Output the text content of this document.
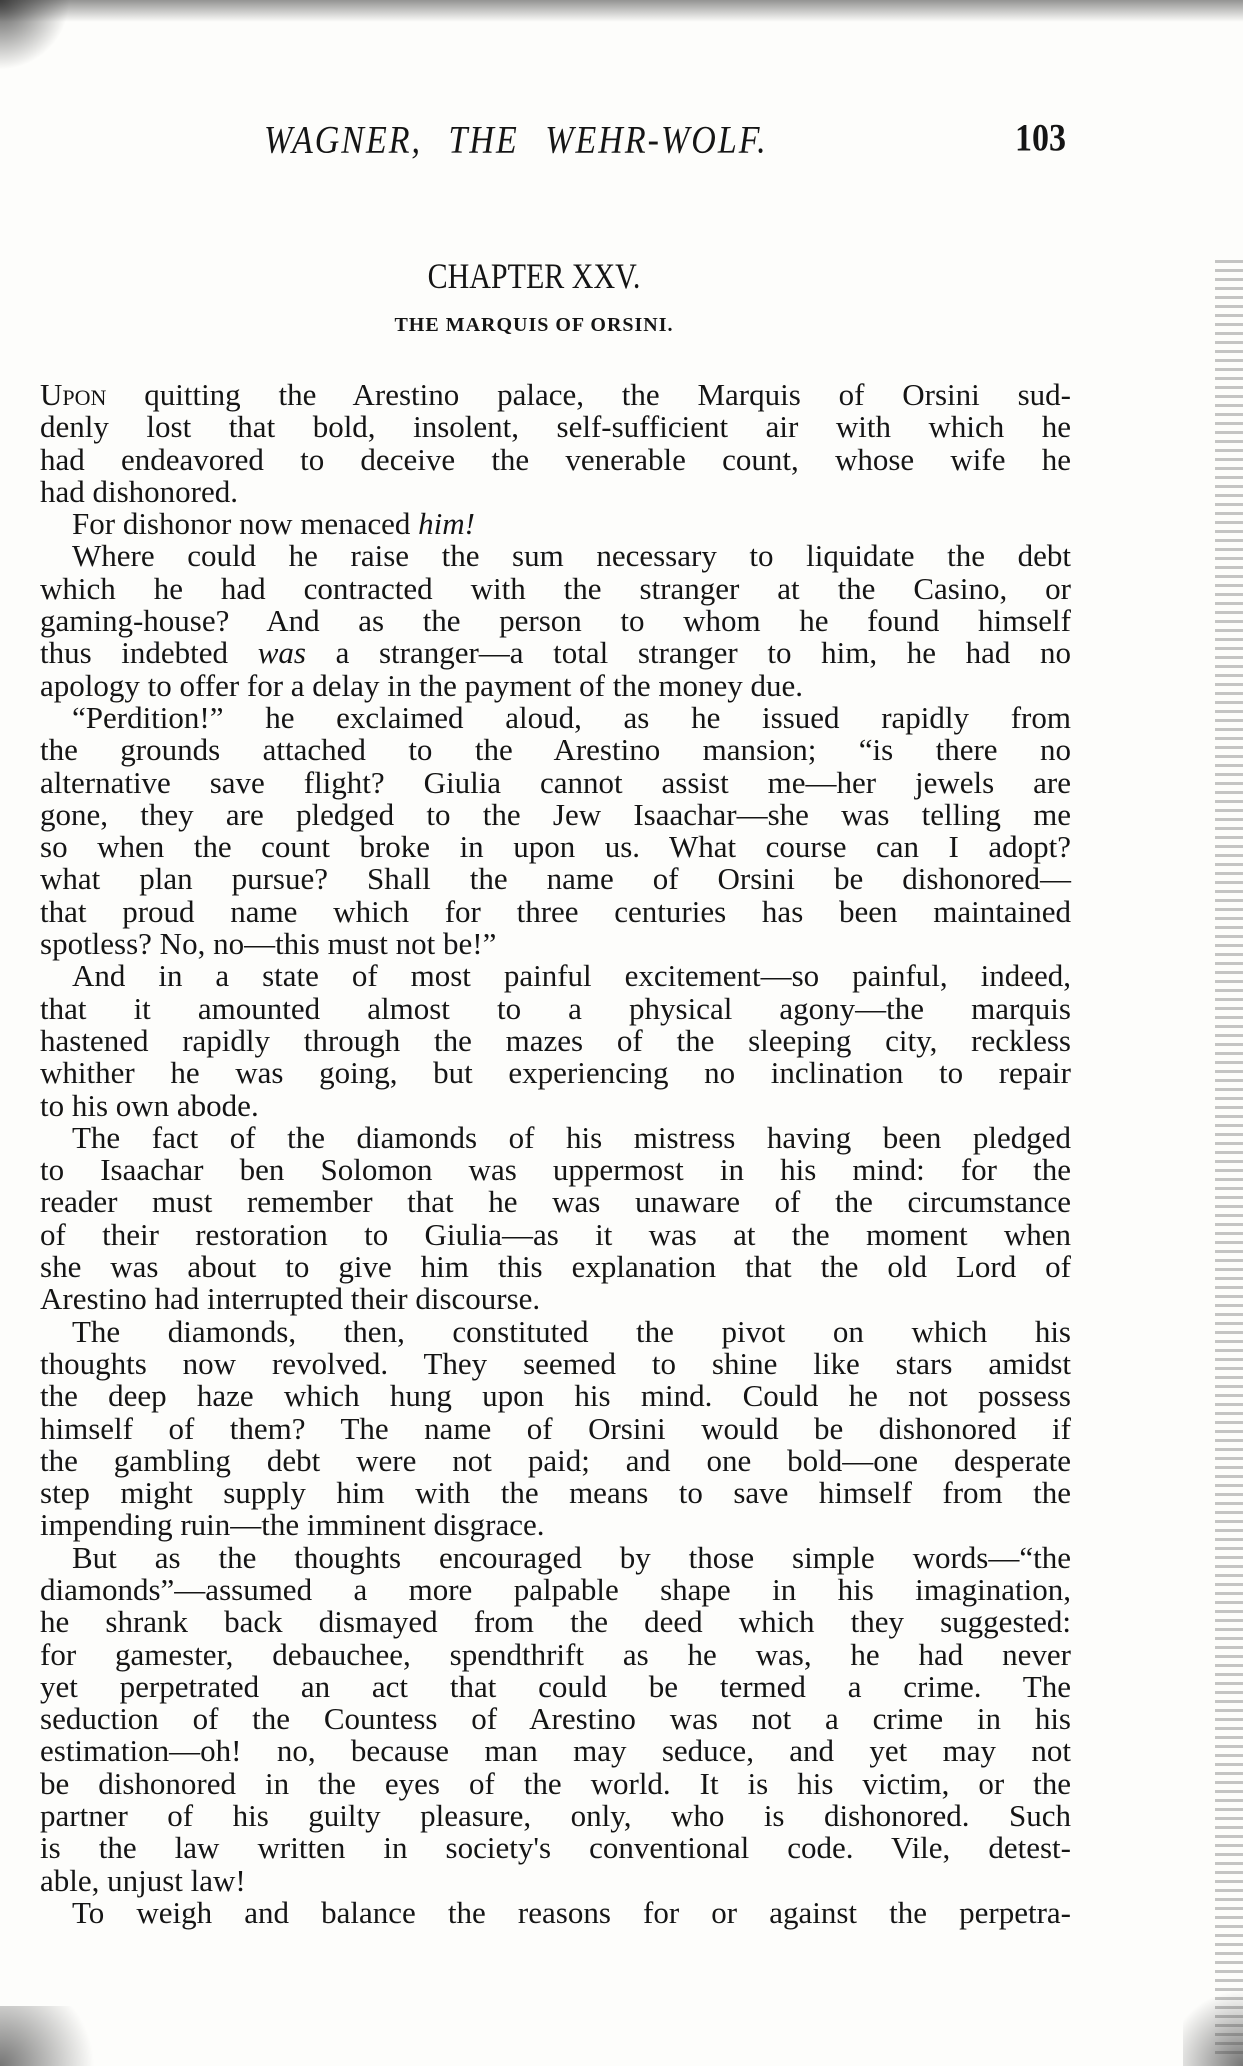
WAGNER, THE WEHR-WOLF.	103
CHAPTER XXV.
THE MARQUIS OF ORSINI.
Upon quitting the Arestino palace, the Marquis of Orsini sud-
denly lost that bold, insolent, self-sufficient air with which he
had endeavored to deceive the venerable count, whose wife he
had dishonored.
For dishonor now menaced him!
Where could he raise the sum necessary to liquidate the debt
which he had contracted with the stranger at the Casino, or
gaming-house? And as the person to whom he found himself
thus indebted was a stranger—a total stranger to him, he had no
apology to offer for a delay in the payment of the money due.
“Perdition!” he exclaimed aloud, as he issued rapidly from
the grounds attached to the Arestino mansion; “is there no
alternative save flight? Giulia cannot assist me—her jewels are
gone, they are pledged to the Jew Isaachar—she was telling me
so when the count broke in upon us. What course can I adopt?
what plan pursue? Shall the name of Orsini be dishonored—
that proud name which for three centuries has been maintained
spotless? No, no—this must not be!”
And in a state of most painful excitement—so painful, indeed,
that it amounted almost to a physical agony—the marquis
hastened rapidly through the mazes of the sleeping city, reckless
whither he was going, but experiencing no inclination to repair
to his own abode.
The fact of the diamonds of his mistress having been pledged
to Isaachar ben Solomon was uppermost in his mind: for the
reader must remember that he was unaware of the circumstance
of their restoration to Giulia—as it was at the moment when
she was about to give him this explanation that the old Lord of
Arestino had interrupted their discourse.
The diamonds, then, constituted the pivot on which his
thoughts now revolved. They seemed to shine like stars amidst
the deep haze which hung upon his mind. Could he not possess
himself of them? The name of Orsini would be dishonored if
the gambling debt were not paid; and one bold—one desperate
step might supply him with the means to save himself from the
impending ruin—the imminent disgrace.
But as the thoughts encouraged by those simple words—“the
diamonds”—assumed a more palpable shape in his imagination,
he shrank back dismayed from the deed which they suggested:
for gamester, debauchee, spendthrift as he was, he had never
yet perpetrated an act that could be termed a crime. The
seduction of the Countess of Arestino was not a crime in his
estimation—oh! no, because man may seduce, and yet may not
be dishonored in the eyes of the world. It is his victim, or the
partner of his guilty pleasure, only, who is dishonored. Such
is the law written in society's conventional code. Vile, detest-
able, unjust law!
To weigh and balance the reasons for or against the perpetra-
